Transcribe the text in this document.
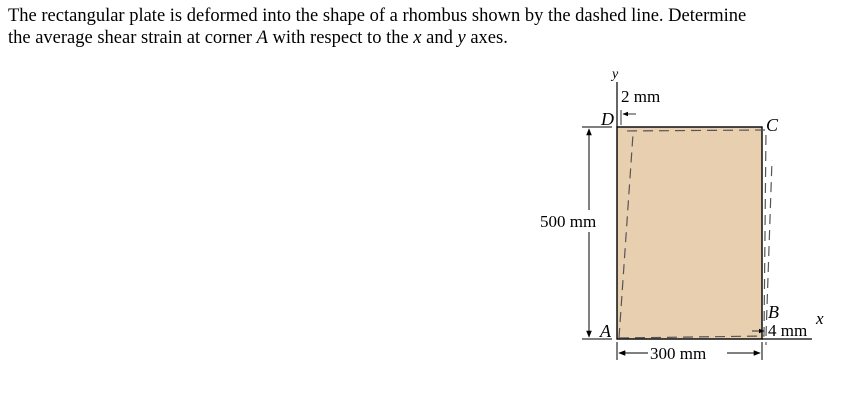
The rectangular plate is deformed into the shape of a rhombus shown by the dashed line. Determine
the average shear strain at corner A with respect to the x and y axes.
500 mm
300 mm
2 mm
4 mm
D	C
B
A
y
x
